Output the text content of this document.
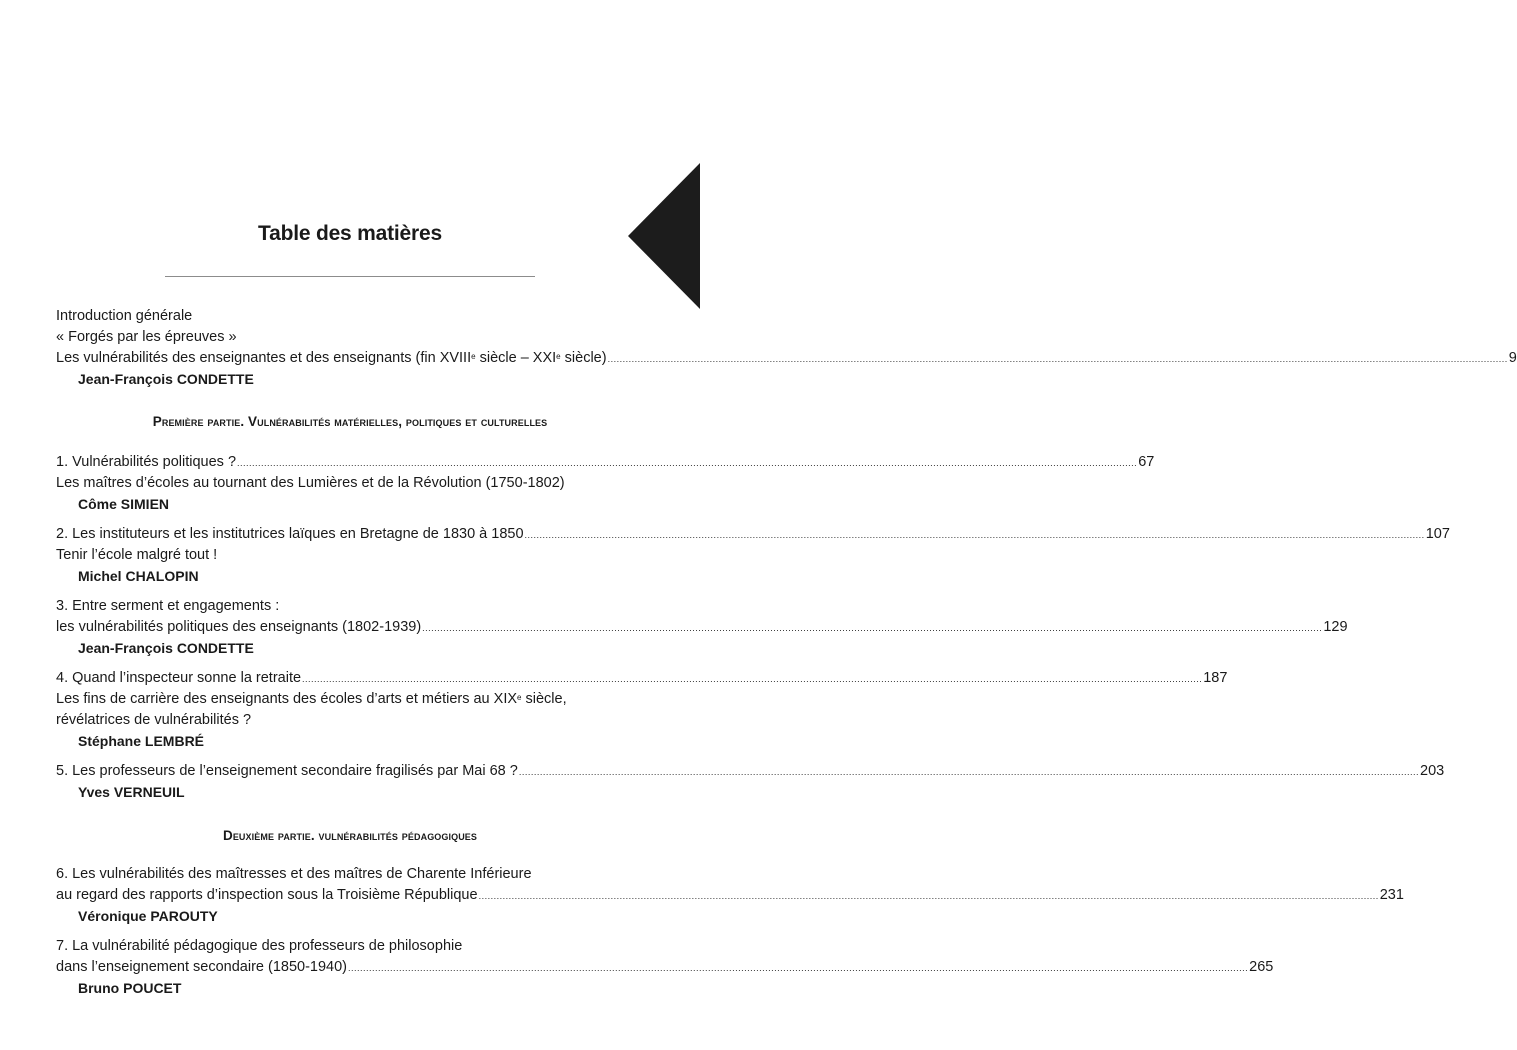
Table des matières
Introduction générale
« Forgés par les épreuves »
Les vulnérabilités des enseignantes et des enseignants (fin XVIIIe siècle – XXIe siècle) ............................................................................................................................................................................................................................................................................................................ 9
Jean-François CONDETTE
Première partie. Vulnérabilités matérielles, politiques et culturelles
1. Vulnérabilités politiques ? ............................................................................................................................................................................................................................................................................................................ 67
Les maîtres d’écoles au tournant des Lumières et de la Révolution (1750-1802)
Côme SIMIEN
2. Les instituteurs et les institutrices laïques en Bretagne de 1830 à 1850 ............................................................................................................................................................................................................................................................................................................ 107
Tenir l’école malgré tout !
Michel CHALOPIN
3. Entre serment et engagements :
les vulnérabilités politiques des enseignants (1802-1939) ............................................................................................................................................................................................................................................................................................................ 129
Jean-François CONDETTE
4. Quand l’inspecteur sonne la retraite ............................................................................................................................................................................................................................................................................................................ 187
Les fins de carrière des enseignants des écoles d’arts et métiers au XIXe siècle,
révélatrices de vulnérabilités ?
Stéphane LEMBRÉ
5. Les professeurs de l’enseignement secondaire fragilisés par Mai 68 ? ............................................................................................................................................................................................................................................................................................................ 203
Yves VERNEUIL
Deuxième partie. vulnérabilités pédagogiques
6. Les vulnérabilités des maîtresses et des maîtres de Charente Inférieure
au regard des rapports d’inspection sous la Troisième République ............................................................................................................................................................................................................................................................................................................ 231
Véronique PAROUTY
7. La vulnérabilité pédagogique des professeurs de philosophie
dans l’enseignement secondaire (1850-1940) ............................................................................................................................................................................................................................................................................................................ 265
Bruno POUCET
